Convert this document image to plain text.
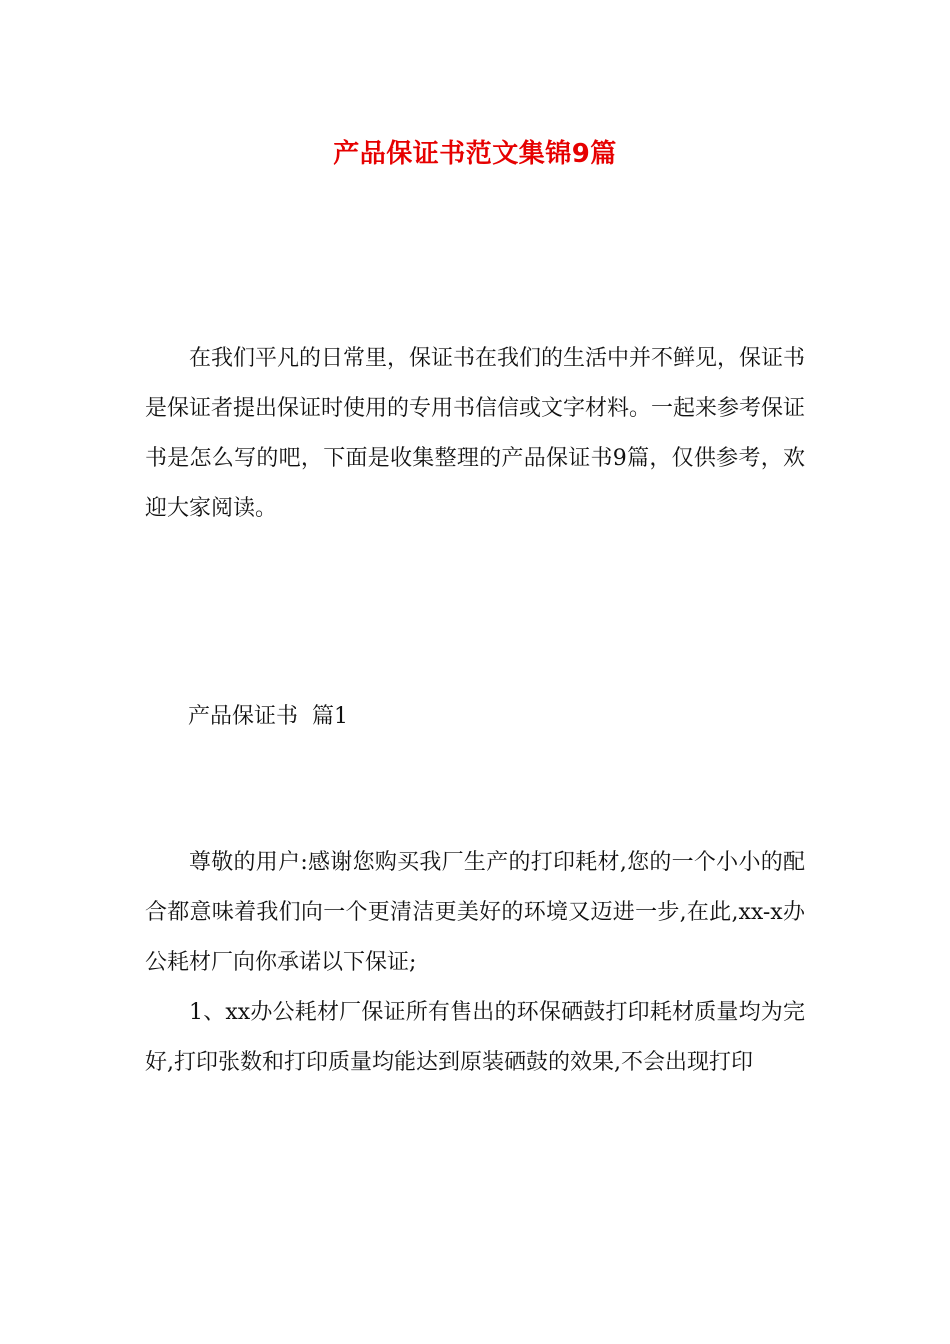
产品保证书范文集锦9篇

在我们平凡的日常里，保证书在我们的生活中并不鲜见，保证书是保证者提出保证时使用的专用书信信或文字材料。一起来参考保证书是怎么写的吧，下面是收集整理的产品保证书9篇，仅供参考，欢迎大家阅读。

产品保证书  篇1

尊敬的用户:感谢您购买我厂生产的打印耗材,您的一个小小的配合都意味着我们向一个更清洁更美好的环境又迈进一步,在此,xx-x办公耗材厂向你承诺以下保证;

1、xx办公耗材厂保证所有售出的环保硒鼓打印耗材质量均为完好,打印张数和打印质量均能达到原装硒鼓的效果,不会出现打印
